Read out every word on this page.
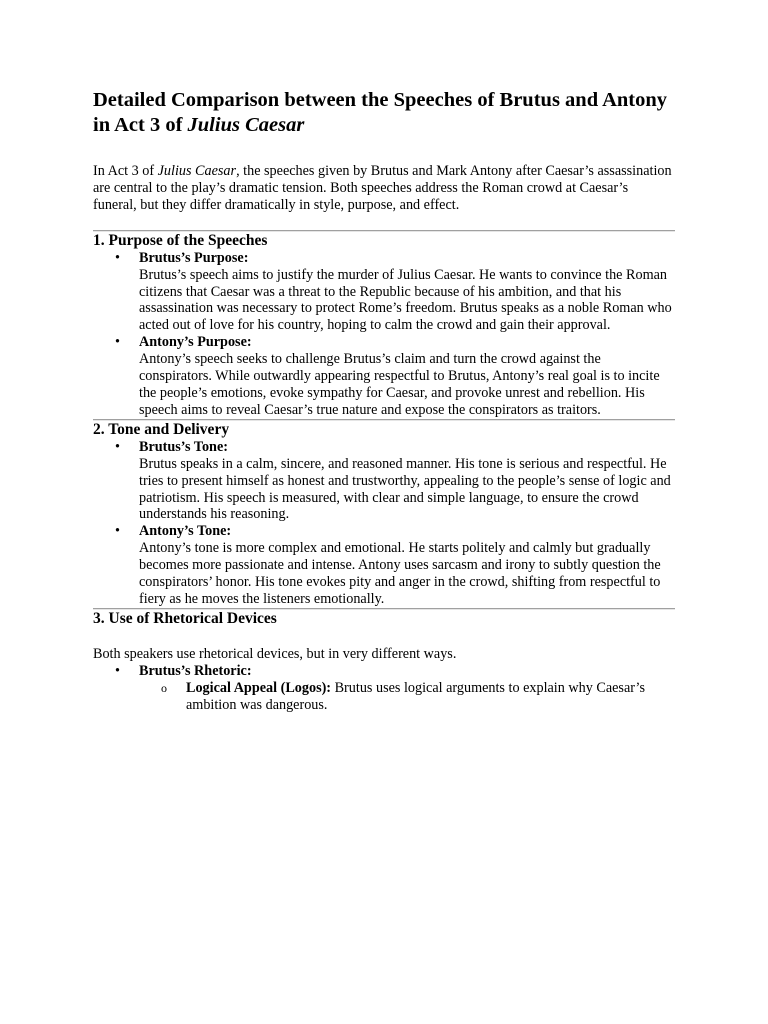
Detailed Comparison between the Speeches of Brutus and Antony in Act 3 of Julius Caesar

In Act 3 of Julius Caesar, the speeches given by Brutus and Mark Antony after Caesar’s assassination are central to the play’s dramatic tension. Both speeches address the Roman crowd at Caesar’s funeral, but they differ dramatically in style, purpose, and effect.

1. Purpose of the Speeches
• Brutus’s Purpose:
Brutus’s speech aims to justify the murder of Julius Caesar. He wants to convince the Roman citizens that Caesar was a threat to the Republic because of his ambition, and that his assassination was necessary to protect Rome’s freedom. Brutus speaks as a noble Roman who acted out of love for his country, hoping to calm the crowd and gain their approval.
• Antony’s Purpose:
Antony’s speech seeks to challenge Brutus’s claim and turn the crowd against the conspirators. While outwardly appearing respectful to Brutus, Antony’s real goal is to incite the people’s emotions, evoke sympathy for Caesar, and provoke unrest and rebellion. His speech aims to reveal Caesar’s true nature and expose the conspirators as traitors.
2. Tone and Delivery
• Brutus’s Tone:
Brutus speaks in a calm, sincere, and reasoned manner. His tone is serious and respectful. He tries to present himself as honest and trustworthy, appealing to the people’s sense of logic and patriotism. His speech is measured, with clear and simple language, to ensure the crowd understands his reasoning.
• Antony’s Tone:
Antony’s tone is more complex and emotional. He starts politely and calmly but gradually becomes more passionate and intense. Antony uses sarcasm and irony to subtly question the conspirators’ honor. His tone evokes pity and anger in the crowd, shifting from respectful to fiery as he moves the listeners emotionally.
3. Use of Rhetorical Devices

Both speakers use rhetorical devices, but in very different ways.

• Brutus’s Rhetoric:
o Logical Appeal (Logos): Brutus uses logical arguments to explain why Caesar’s ambition was dangerous.
